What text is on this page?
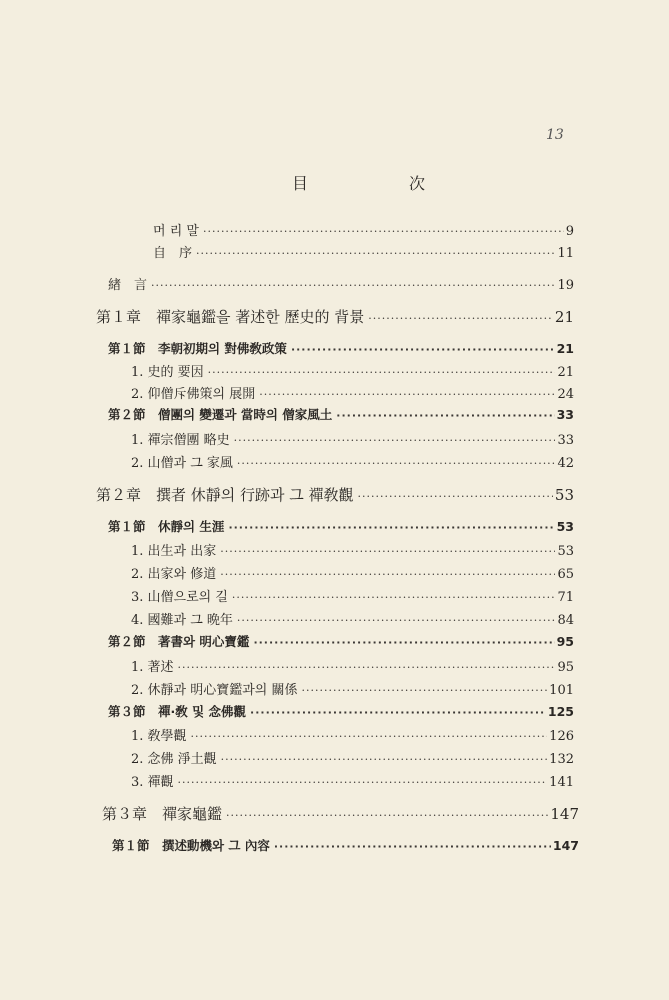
13
目 次
머 리 말 ·····	9
自　序 ·····	11
緖　言 ·····	19
第１章　禪家龜鑑을 著述한 歷史的 背景 ·····	21
第１節　李朝初期의 對佛敎政策 ·····	21
1. 史的 要因 ·····	21
2. 仰僧斥佛策의 展開 ·····	24
第２節　僧團의 變遷과 當時의 僧家風土 ·····	33
1. 禪宗僧團 略史 ·····	33
2. 山僧과 그 家風 ·····	42
第２章　撰者 休靜의 行跡과 그 禪敎觀 ·····	53
第１節　休靜의 生涯 ·····	53
1. 出生과 出家 ·····	53
2. 出家와 修道 ·····	65
3. 山僧으로의 길 ·····	71
4. 國難과 그 晩年 ·····	84
第２節　著書와 明心寶鑑 ·····	95
1. 著述 ·····	95
2. 休靜과 明心寶鑑과의 關係 ·····	101
第３節　禪·敎 및 念佛觀 ·····	125
1. 敎學觀 ·····	126
2. 念佛 淨土觀 ·····	132
3. 禪觀 ·····	141
第３章　禪家龜鑑 ·····	147
第１節　撰述動機와 그 內容 ·····	147
